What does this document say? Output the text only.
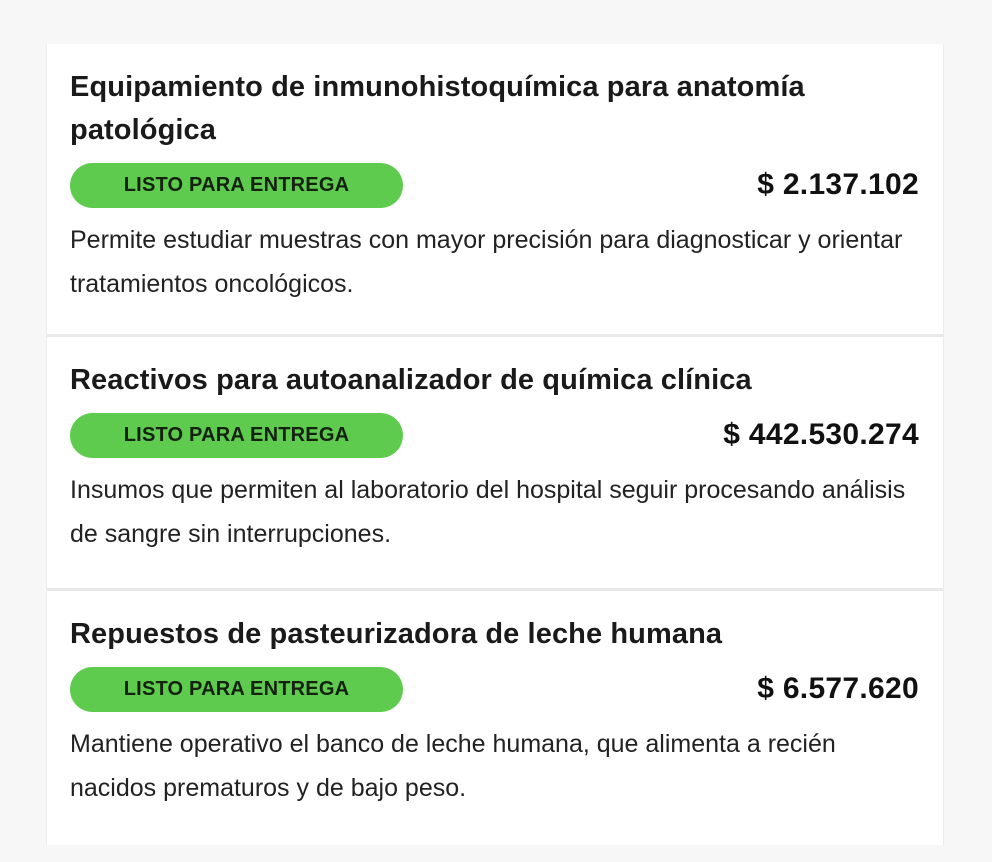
Equipamiento de inmunohistoquímica para anatomía patológica
LISTO PARA ENTREGA	$ 2.137.102

Permite estudiar muestras con mayor precisión para diagnosticar y orientar tratamientos oncológicos.

Reactivos para autoanalizador de química clínica
LISTO PARA ENTREGA	$ 442.530.274

Insumos que permiten al laboratorio del hospital seguir procesando análisis de sangre sin interrupciones.

Repuestos de pasteurizadora de leche humana
LISTO PARA ENTREGA	$ 6.577.620

Mantiene operativo el banco de leche humana, que alimenta a recién nacidos prematuros y de bajo peso.
